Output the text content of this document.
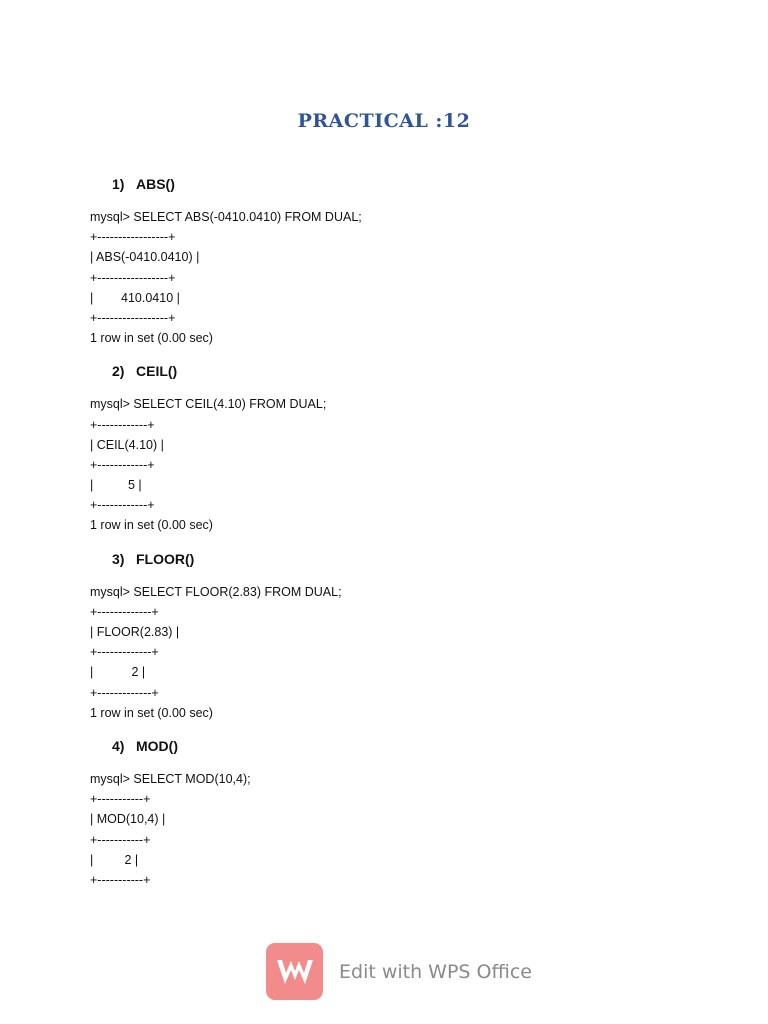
PRACTICAL :12
1) ABS()
mysql> SELECT ABS(-0410.0410) FROM DUAL;
+-----------------+
| ABS(-0410.0410) |
+-----------------+
|        410.0410 |
+-----------------+
1 row in set (0.00 sec)
2) CEIL()
mysql> SELECT CEIL(4.10) FROM DUAL;
+------------+
| CEIL(4.10) |
+------------+
|          5 |
+------------+
1 row in set (0.00 sec)
3) FLOOR()
mysql> SELECT FLOOR(2.83) FROM DUAL;
+-------------+
| FLOOR(2.83) |
+-------------+
|           2 |
+-------------+
1 row in set (0.00 sec)
4) MOD()
mysql> SELECT MOD(10,4);
+-----------+
| MOD(10,4) |
+-----------+
|         2 |
+-----------+
Edit with WPS Office
